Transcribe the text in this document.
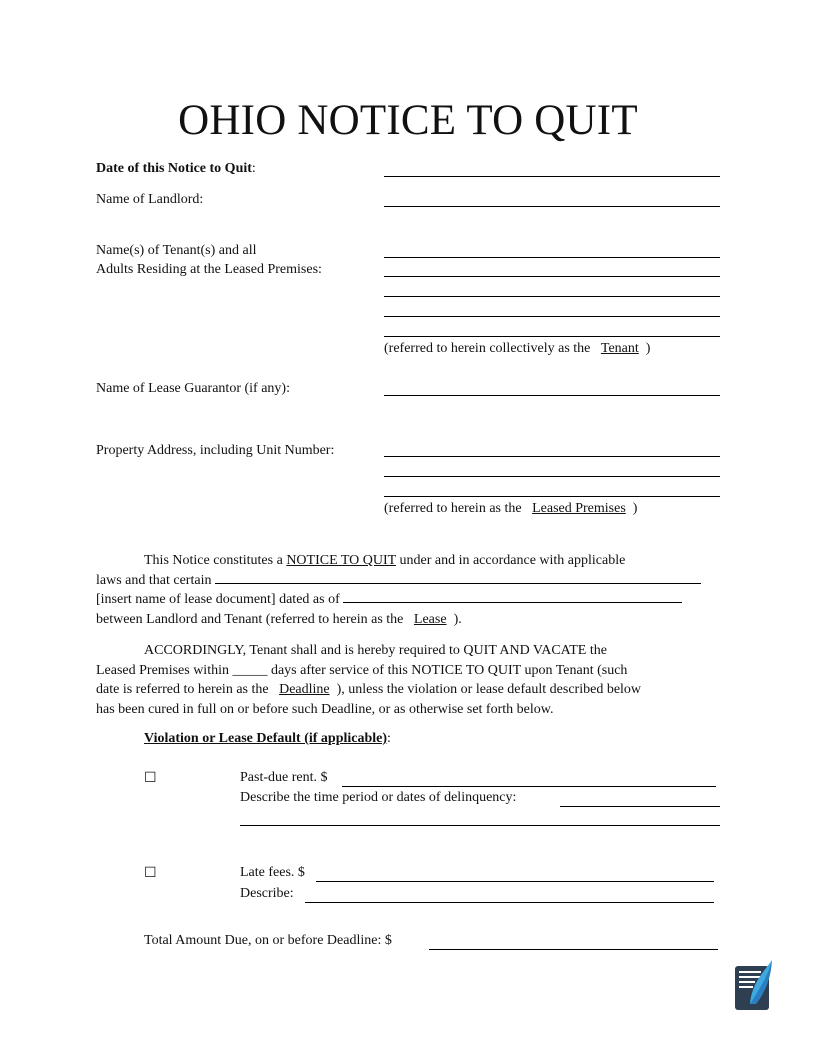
OHIO NOTICE TO QUIT
Date of this Notice to Quit:
Name of Landlord:
Name(s) of Tenant(s) and all
Adults Residing at the Leased Premises:
(referred to herein collectively as the Tenant )
Name of Lease Guarantor (if any):
Property Address, including Unit Number:
(referred to herein as the Leased Premises )
This Notice constitutes a NOTICE TO QUIT under and in accordance with applicable
laws and that certain
[insert name of lease document] dated as of
between Landlord and Tenant (referred to herein as the   Lease ).
ACCORDINGLY, Tenant shall and is hereby required to QUIT AND VACATE the
Leased Premises within _____ days after service of this NOTICE TO QUIT upon Tenant (such
date is referred to herein as the   Deadline ), unless the violation or lease default described below
has been cured in full on or before such Deadline, or as otherwise set forth below.
Violation or Lease Default (if applicable):
☐	Past-due rent. $
Describe the time period or dates of delinquency:
☐	Late fees. $
Describe:
Total Amount Due, on or before Deadline: $
